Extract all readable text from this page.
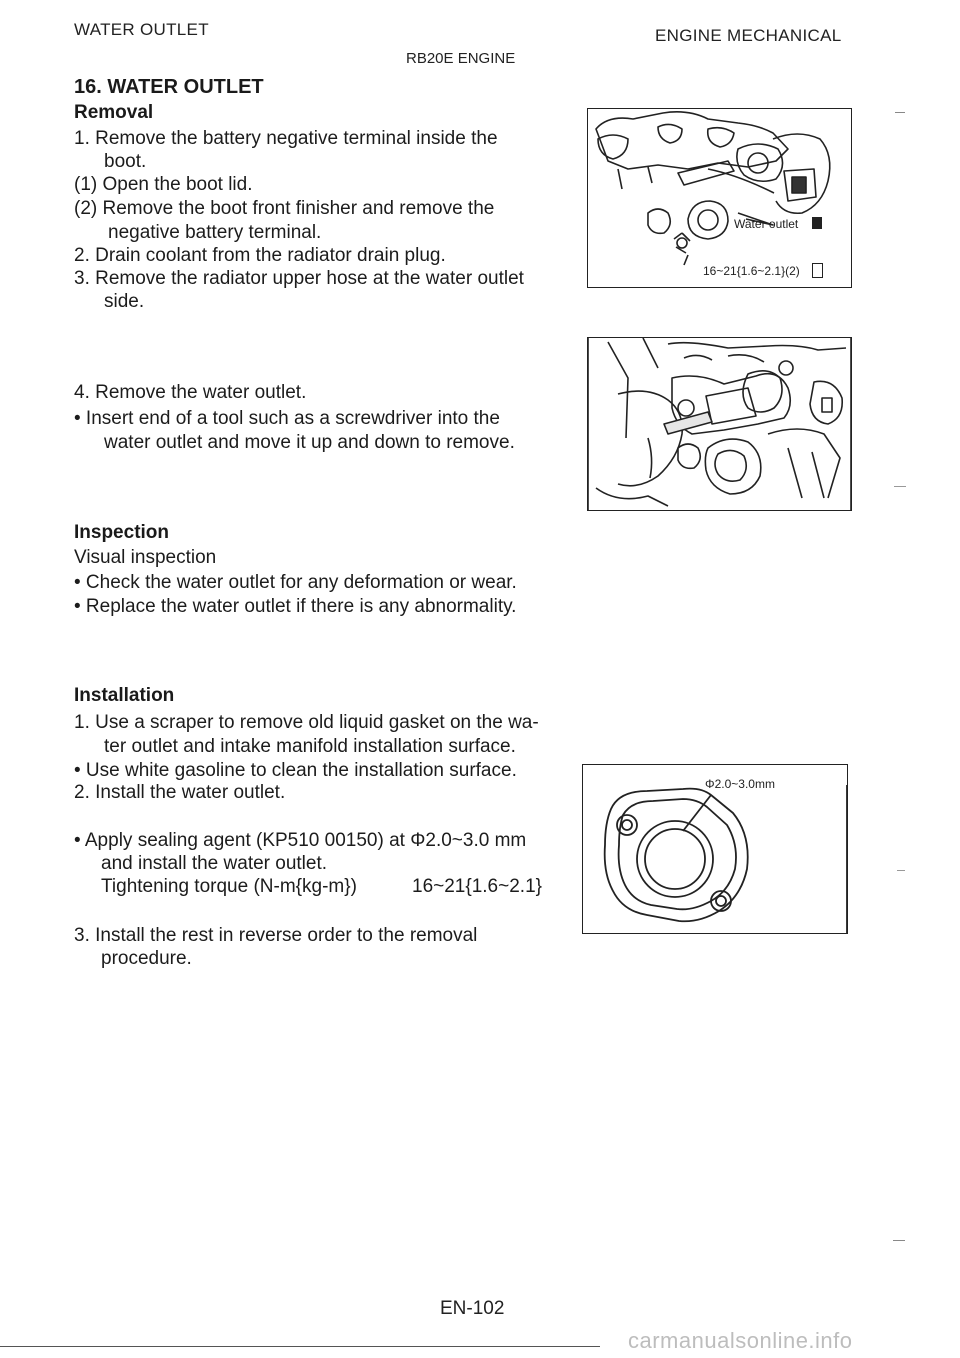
WATER OUTLET	ENGINE MECHANICAL
RB20E ENGINE
16. WATER OUTLET
Removal
1. Remove the battery negative terminal inside the
boot.
(1) Open the boot lid.
(2) Remove the boot front finisher and remove the
negative battery terminal.
2. Drain coolant from the radiator drain plug.
3. Remove the radiator upper hose at the water outlet
side.
4. Remove the water outlet.
• Insert end of a tool such as a screwdriver into the
water outlet and move it up and down to remove.
Inspection
Visual inspection
• Check the water outlet for any deformation or wear.
• Replace the water outlet if there is any abnormality.
Installation
1. Use a scraper to remove old liquid gasket on the wa-
ter outlet and intake manifold installation surface.
• Use white gasoline to clean the installation surface.
2. Install the water outlet.
• Apply sealing agent (KP510 00150) at Φ2.0~3.0 mm
and install the water outlet.
Tightening torque (N-m{kg-m})	16~21{1.6~2.1}
3. Install the rest in reverse order to the removal
procedure.
Water outlet
16~21{1.6~2.1}(2)
Φ2.0~3.0mm
EN-102
carmanualsonline.info
